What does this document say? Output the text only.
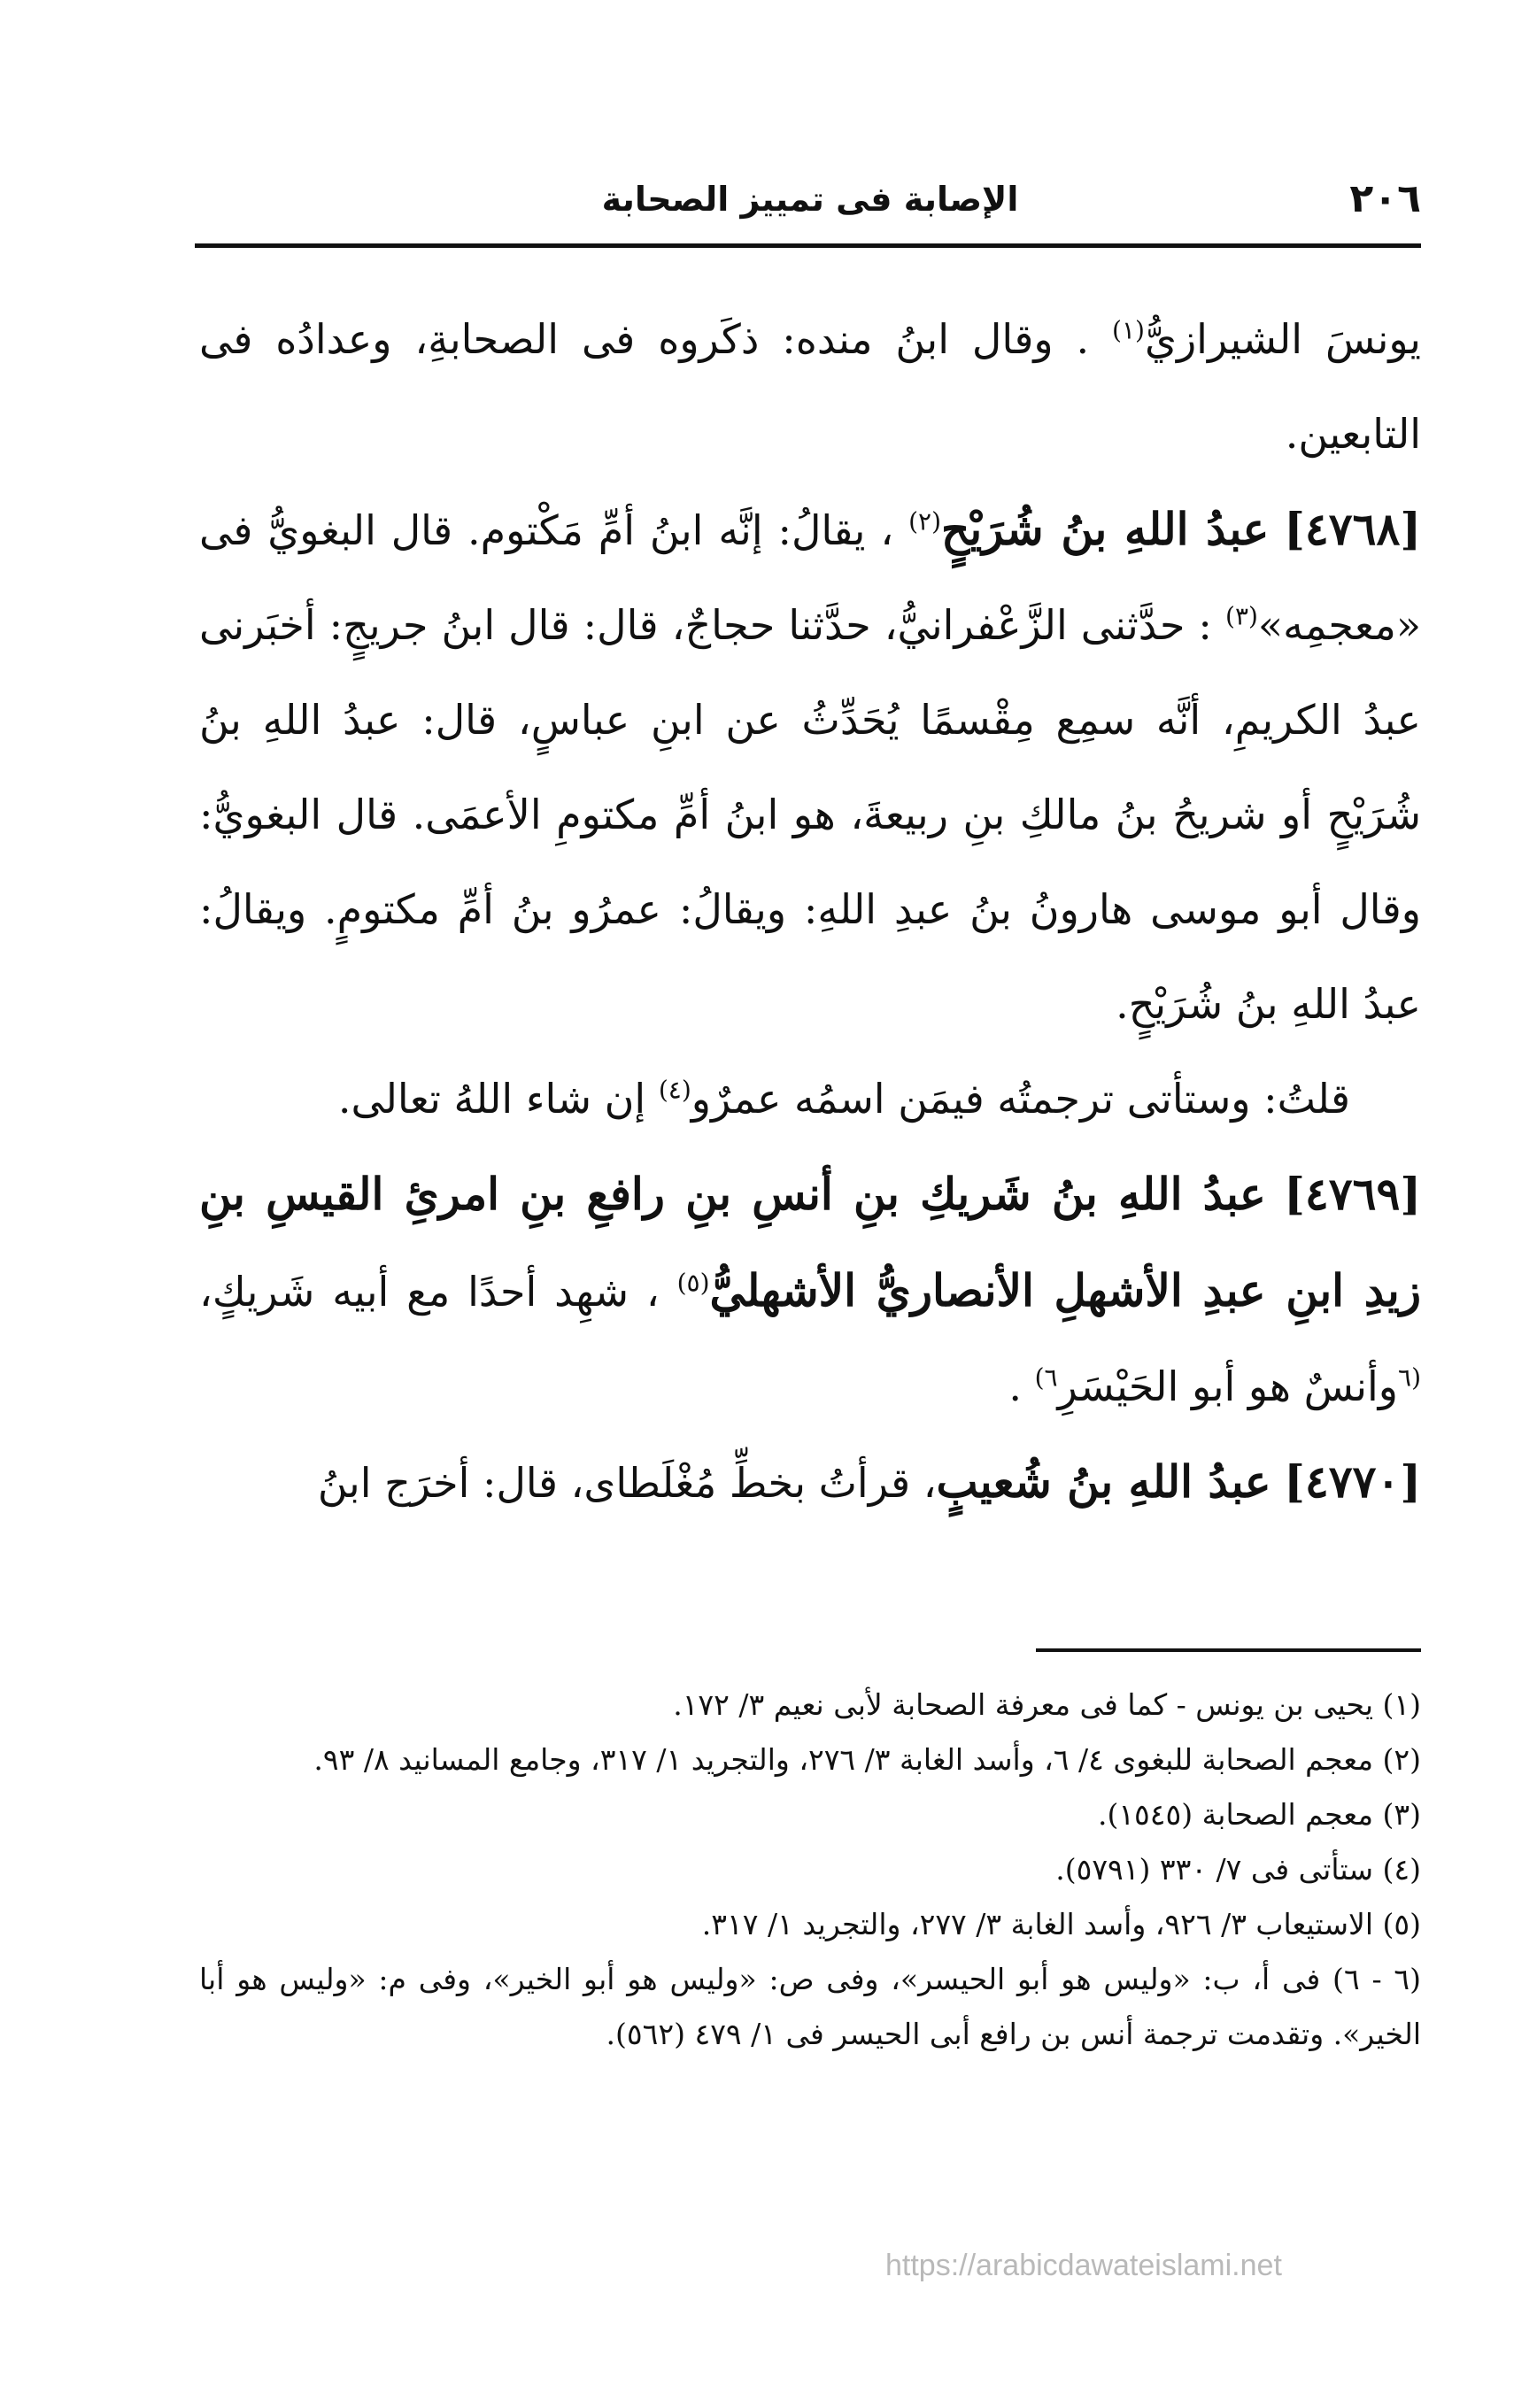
٢٠٦
الإصابة فى تمييز الصحابة

يونسَ الشيرازيُّ$^{(١)}$ . وقال ابنُ منده: ذكَروه فى الصحابةِ، وعدادُه فى التابعين.

[٤٧٦٨] عبدُ اللهِ بنُ شُرَيْحٍ$^{(٢)}$ ، يقالُ: إنَّه ابنُ أمِّ مَكْتوم. قال البغويُّ فى «معجمِه»$^{(٣)}$ : حدَّثنى الزَّعْفرانيُّ، حدَّثنا حجاجٌ، قال: قال ابنُ جريجٍ: أخبَرنى عبدُ الكريمِ، أنَّه سمِع مِقْسمًا يُحَدِّثُ عن ابنِ عباسٍ، قال: عبدُ اللهِ بنُ شُرَيْحٍ أو شريحُ بنُ مالكِ بنِ ربيعةَ، هو ابنُ أمِّ مكتومِ الأعمَى. قال البغويُّ: وقال أبو موسى هارونُ بنُ عبدِ اللهِ: ويقالُ: عمرُو بنُ أمِّ مكتومٍ. ويقالُ: عبدُ اللهِ بنُ شُرَيْحٍ.

قلتُ: وستأتى ترجمتُه فيمَن اسمُه عمرٌو$^{(٤)}$ إن شاء اللهُ تعالى.

[٤٧٦٩] عبدُ اللهِ بنُ شَريكِ بنِ أنسِ بنِ رافعِ بنِ امرئِ القيسِ بنِ زيدِ ابنِ عبدِ الأشهلِ الأنصاريُّ الأشهليُّ$^{(٥)}$ ، شهِد أحدًا مع أبيه شَريكٍ،$^{(٦}$وأنسٌ هو أبو الحَيْسَرِ$^{٦)}$ .

[٤٧٧٠] عبدُ اللهِ بنُ شُعيبٍ، قرأتُ بخطِّ مُغْلَطاى، قال: أخرَج ابنُ

(١) يحيى بن يونس - كما فى معرفة الصحابة لأبى نعيم ٣/ ١٧٢.

(٢) معجم الصحابة للبغوى ٤/ ٦، وأسد الغابة ٣/ ٢٧٦، والتجريد ١/ ٣١٧، وجامع المسانيد ٨/ ٩٣.

(٣) معجم الصحابة (١٥٤٥).

(٤) ستأتى فى ٧/ ٣٣٠ (٥٧٩١).

(٥) الاستيعاب ٣/ ٩٢٦، وأسد الغابة ٣/ ٢٧٧، والتجريد ١/ ٣١٧.

(٦ - ٦) فى أ، ب: «وليس هو أبو الحيسر»، وفى ص: «وليس هو أبو الخير»، وفى م: «وليس هو أبا الخير». وتقدمت ترجمة أنس بن رافع أبى الحيسر فى ١/ ٤٧٩ (٥٦٢).

https://arabicdawateislami.net
